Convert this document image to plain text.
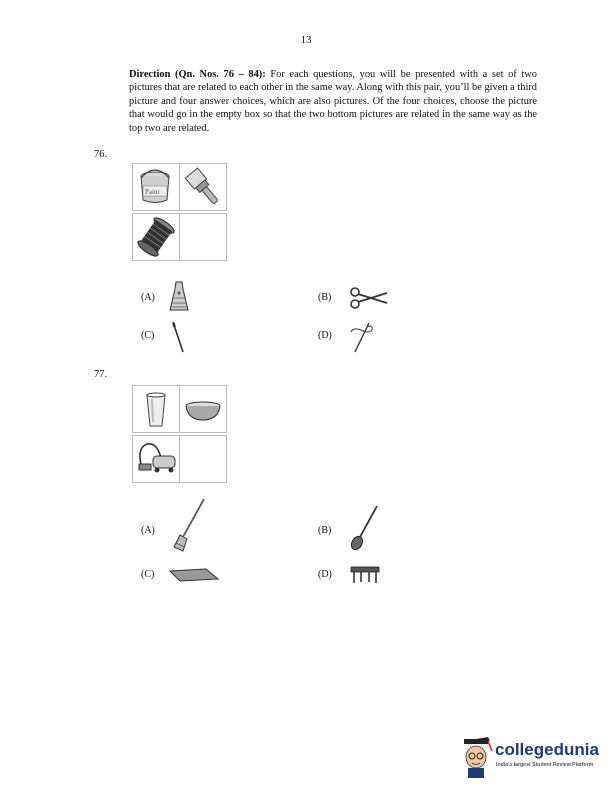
13
Direction (Qn. Nos. 76 – 84): For each questions, you will be presented with a set of two pictures that are related to each other in the same way. Along with this pair, you’ll be given a third picture and four answer choices, which are also pictures. Of the four choices, choose the picture that would go in the empty box so that the two bottom pictures are related in the same way as the top two are related.
76.
Paint
(A)	(B)
(C)	(D)
77.
(A)	(B)
(C)	(D)
collegedunia
India's largest Student Review Platform
